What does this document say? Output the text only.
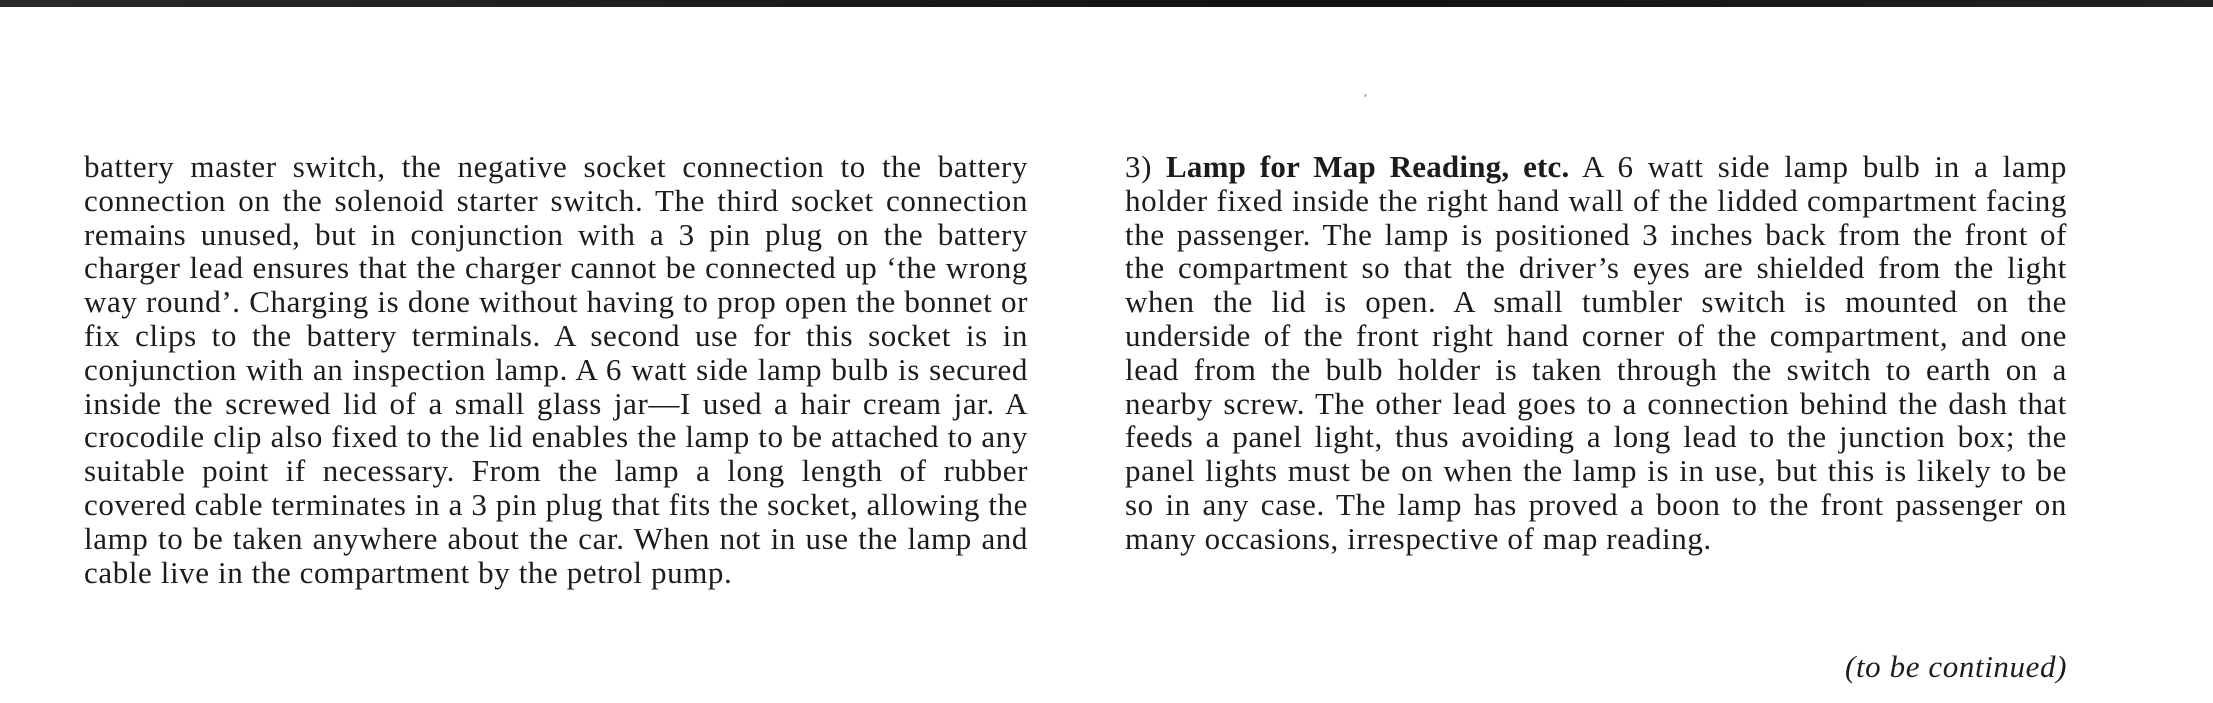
battery master switch, the negative socket connection to the battery connection on the solenoid starter switch. The third socket connection remains unused, but in conjunction with a 3 pin plug on the battery charger lead ensures that the charger cannot be connected up ‘the wrong way round’. Charging is done without having to prop open the bonnet or fix clips to the battery terminals. A second use for this socket is in conjunction with an inspection lamp. A 6 watt side lamp bulb is secured inside the screwed lid of a small glass jar—I used a hair cream jar. A crocodile clip also fixed to the lid enables the lamp to be attached to any suitable point if necessary. From the lamp a long length of rubber covered cable terminates in a 3 pin plug that fits the socket, allowing the lamp to be taken anywhere about the car. When not in use the lamp and cable live in the compartment by the petrol pump.

3) Lamp for Map Reading, etc. A 6 watt side lamp bulb in a lamp holder fixed inside the right hand wall of the lidded compartment facing the passenger. The lamp is positioned 3 inches back from the front of the compartment so that the driver’s eyes are shielded from the light when the lid is open. A small tumbler switch is mounted on the underside of the front right hand corner of the compartment, and one lead from the bulb holder is taken through the switch to earth on a nearby screw. The other lead goes to a connection behind the dash that feeds a panel light, thus avoiding a long lead to the junction box; the panel lights must be on when the lamp is in use, but this is likely to be so in any case. The lamp has proved a boon to the front passenger on many occasions, irrespective of map reading.

(to be continued)
